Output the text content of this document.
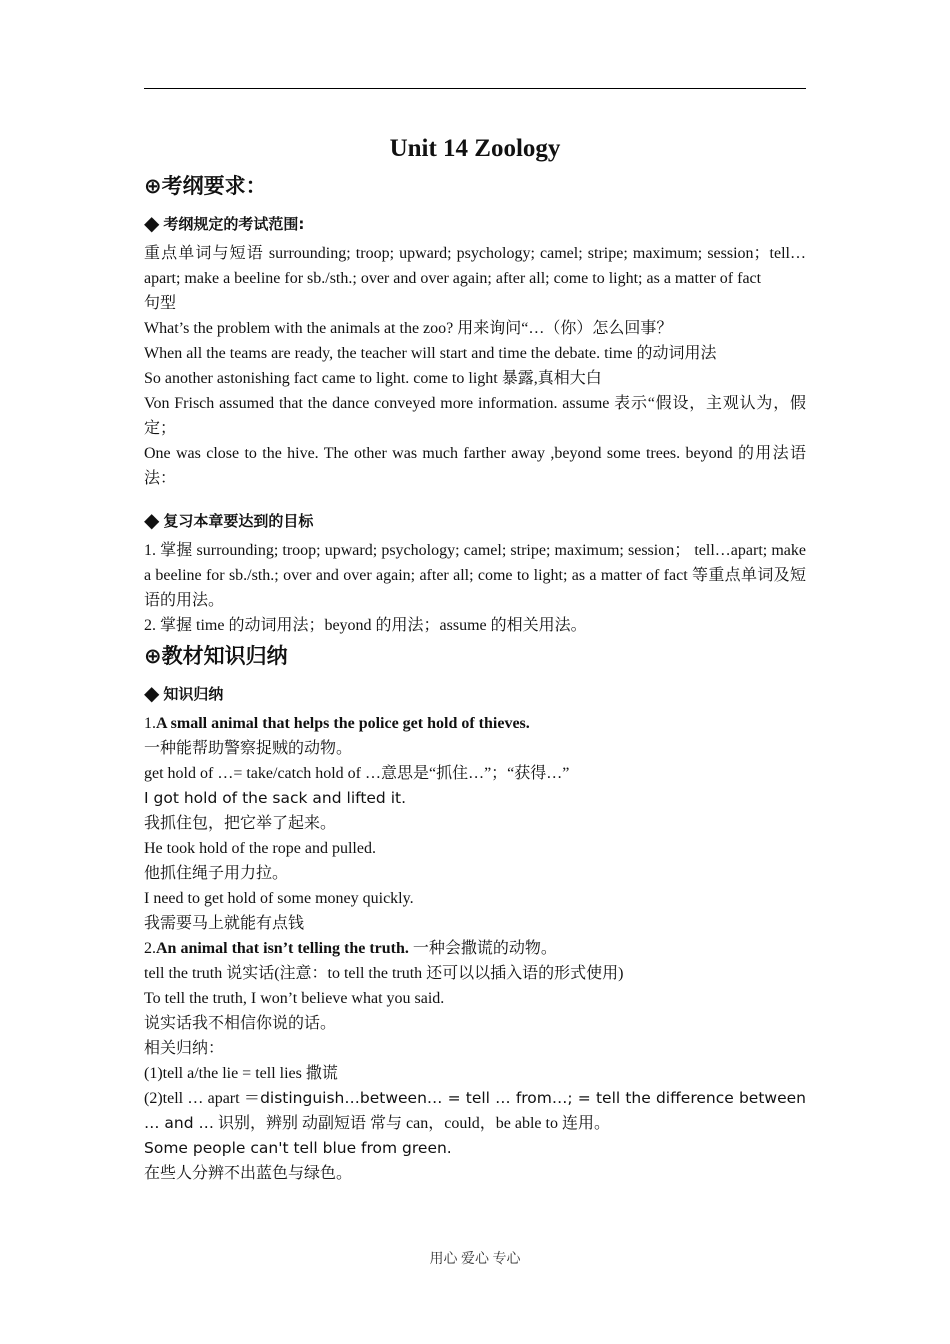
Unit 14 Zoology

⊕考纲要求：

◆ 考纲规定的考试范围:

重点单词与短语 surrounding; troop; upward; psychology; camel; stripe; maximum; session；tell…apart; make a beeline for sb./sth.; over and over again; after all; come to light; as a matter of fact

句型

What’s the problem with the animals at the zoo? 用来询问“…（你）怎么回事？

When all the teams are ready, the teacher will start and time the debate. time 的动词用法

So another astonishing fact came to light. come to light 暴露,真相大白

Von Frisch assumed that the dance conveyed more information. assume 表示“假设，主观认为，假定；

One was close to the hive. The other was much farther away ,beyond some trees. beyond 的用法语法：

◆ 复习本章要达到的目标

1. 掌握 surrounding; troop; upward; psychology; camel; stripe; maximum; session； tell…apart; make a beeline for sb./sth.; over and over again; after all; come to light; as a matter of fact 等重点单词及短语的用法。

2. 掌握 time 的动词用法；beyond 的用法；assume 的相关用法。

⊕教材知识归纳

◆ 知识归纳

1.A small animal that helps the police get hold of thieves.

一种能帮助警察捉贼的动物。

get hold of …= take/catch hold of …意思是“抓住…”；“获得…”

I got hold of the sack and lifted it.

我抓住包，把它举了起来。

He took hold of the rope and pulled.

他抓住绳子用力拉。

I need to get hold of some money quickly.

我需要马上就能有点钱

2.An animal that isn’t telling the truth. 一种会撒谎的动物。

tell the truth 说实话(注意：to tell the truth 还可以以插入语的形式使用)

To tell the truth, I won’t believe what you said.

说实话我不相信你说的话。

相关归纳：

(1)tell a/the lie = tell lies 撒谎

(2)tell … apart ＝distinguish…between… = tell … from…; = tell the difference between … and … 识别，辨别 动副短语 常与 can，could，be able to 连用。

Some people can't tell blue from green.

在些人分辨不出蓝色与绿色。

用心 爱心 专心
